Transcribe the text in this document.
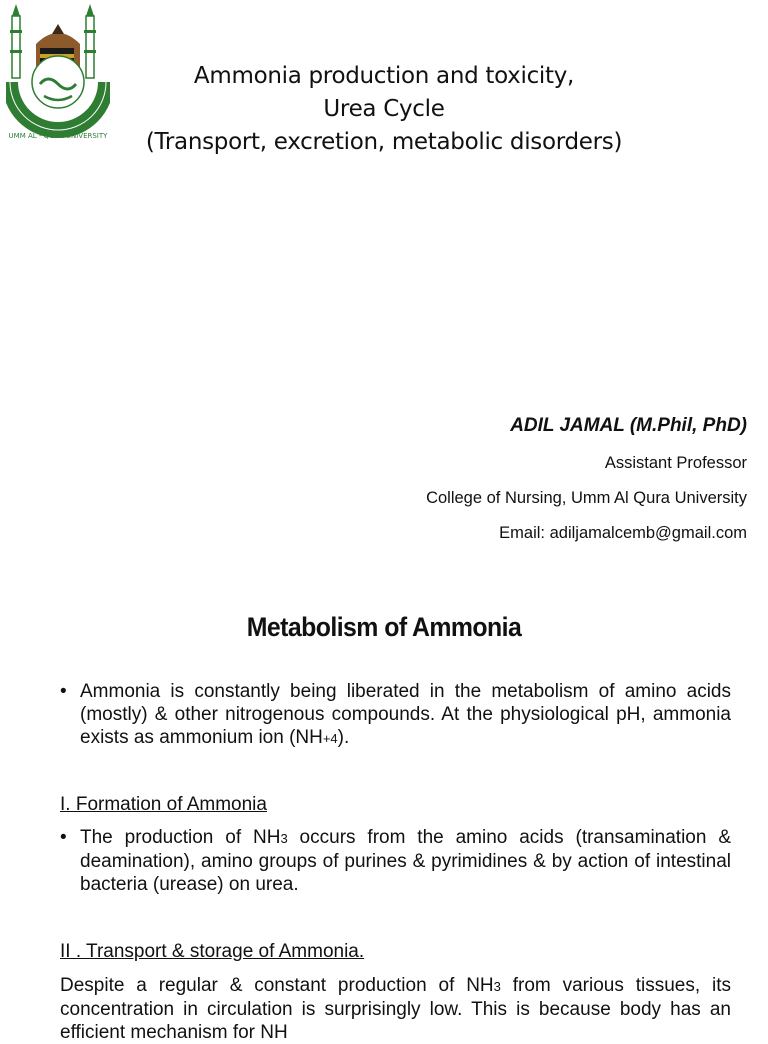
UMM AL - QURA UNIVERSITY
Ammonia production and toxicity,
Urea Cycle
(Transport, excretion, metabolic disorders)
ADIL JAMAL (M.Phil, PhD)
Assistant Professor
College of Nursing, Umm Al Qura University
Email: adiljamalcemb@gmail.com
Metabolism of Ammonia
• Ammonia is constantly being liberated in the metabolism of amino acids (mostly) & other nitrogenous compounds. At the physiological pH, ammonia exists as ammonium ion (NH+4).
I. Formation of Ammonia
• The production of NH3 occurs from the amino acids (transamination & deamination), amino groups of purines & pyrimidines & by action of intestinal bacteria (urease) on urea.
II . Transport & storage of Ammonia.
Despite a regular & constant production of NH3 from various tissues, its concentration in circulation is surprisingly low. This is because body has an efficient mechanism for NH
